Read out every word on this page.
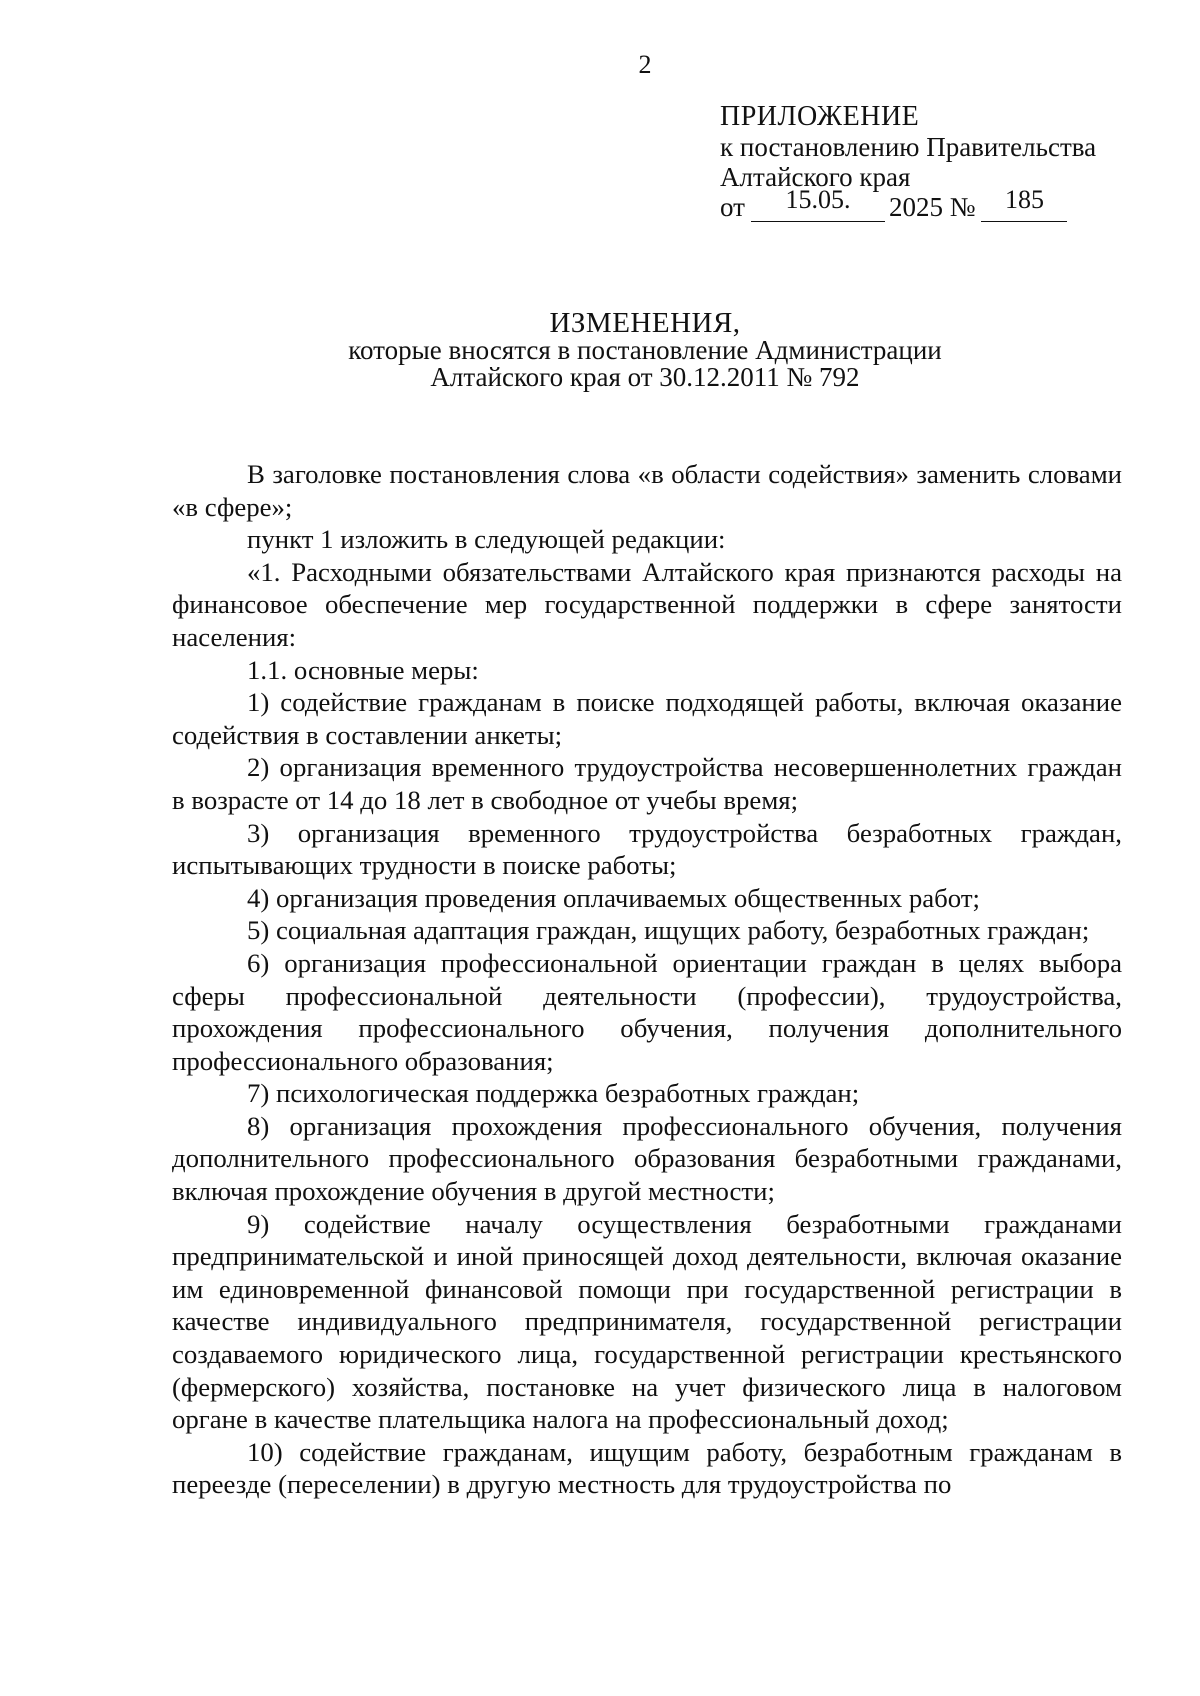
2
ПРИЛОЖЕНИЕ
к постановлению Правительства
Алтайского края
от	15.05.	2025 №	185
ИЗМЕНЕНИЯ,
которые вносятся в постановление Администрации
Алтайского края от 30.12.2011 № 792

В заголовке постановления слова «в области содействия» заменить словами «в сфере»;

пункт 1 изложить в следующей редакции:

«1. Расходными обязательствами Алтайского края признаются расходы на финансовое обеспечение мер государственной поддержки в сфере занятости населения:

1.1. основные меры:

1) содействие гражданам в поиске подходящей работы, включая оказание содействия в составлении анкеты;

2) организация временного трудоустройства несовершеннолетних граждан в возрасте от 14 до 18 лет в свободное от учебы время;

3) организация временного трудоустройства безработных граждан, испытывающих трудности в поиске работы;

4) организация проведения оплачиваемых общественных работ;

5) социальная адаптация граждан, ищущих работу, безработных граждан;

6) организация профессиональной ориентации граждан в целях выбора сферы профессиональной деятельности (профессии), трудоустройства, прохождения профессионального обучения, получения дополнительного профессионального образования;

7) психологическая поддержка безработных граждан;

8) организация прохождения профессионального обучения, получения дополнительного профессионального образования безработными гражданами, включая прохождение обучения в другой местности;

9) содействие началу осуществления безработными гражданами предпринимательской и иной приносящей доход деятельности, включая оказание им единовременной финансовой помощи при государственной регистрации в качестве индивидуального предпринимателя, государственной регистрации создаваемого юридического лица, государственной регистрации крестьянского (фермерского) хозяйства, постановке на учет физического лица в налоговом органе в качестве плательщика налога на профессиональный доход;

10) содействие гражданам, ищущим работу, безработным гражданам в переезде (переселении) в другую местность для трудоустройства по
